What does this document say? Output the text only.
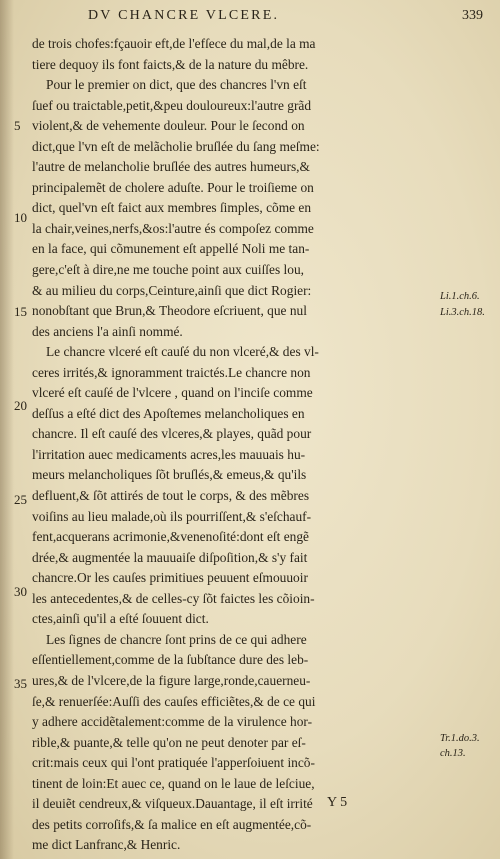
DV CHANCRE VLCERE.	339
de trois chofes:fçauoir eft,de l'efſece du mal,de la ma
tiere dequoy ils font faicts,& de la nature du mêbre.
Pour le premier on dict, que des chancres l'vn eſt
ſuef ou traictable,petit,&peu douloureux:l'autre grãd
violent,& de vehemente douleur. Pour le ſecond on
dict,que l'vn eſt de melãcholie bruſlée du ſang meſme:
l'autre de melancholie bruſlée des autres humeurs,&
principalemẽt de cholere aduſte. Pour le troiſieme on
dict, quel'vn eſt faict aux membres ſimples, cõme en
la chair,veines,nerfs,&os:l'autre és compoſez comme
en la face, qui cõmunement eſt appellé Noli me tan-
gere,c'eſt à dire,ne me touche point aux cuiſſes lou,
& au milieu du corps,Ceinture,ainſi que dict Rogier:
nonobſtant que Brun,& Theodore eſcriuent, que nul
des anciens l'a ainſi nommé.
Le chancre vlceré eſt cauſé du non vlceré,& des vl-
ceres irrités,& ignoramment traictés.Le chancre non
vlceré eſt cauſé de l'vlcere , quand on l'inciſe comme
deſſus a eſté dict des Apoſtemes melancholiques en
chancre. Il eſt cauſé des vlceres,& playes, quãd pour
l'irritation auec medicaments acres,les mauuais hu-
meurs melancholiques ſõt bruſlés,& emeus,& qu'ils
defluent,& ſõt attirés de tout le corps, & des mẽbres
voiſins au lieu malade,où ils pourriſſent,& s'eſchauf-
fent,acquerans acrimonie,&venenoſité:dont eſt engẽ
drée,& augmentée la mauuaiſe diſpoſition,& s'y fait
chancre.Or les cauſes primitiues peuuent eſmouuoir
les antecedentes,& de celles-cy ſõt faictes les cõioin-
ctes,ainſi qu'il a eſté ſouuent dict.
Les ſignes de chancre ſont prins de ce qui adhere
eſſentiellement,comme de la ſubſtance dure des leb-
ures,& de l'vlcere,de la figure large,ronde,cauerneu-
ſe,& renuerſée:Auſſi des cauſes efficiẽtes,& de ce qui
y adhere accidẽtalement:comme de la virulence hor-
rible,& puante,& telle qu'on ne peut denoter par eſ-
crit:mais ceux qui l'ont pratiquée l'apperſoiuent incõ-
tinent de loin:Et auec ce, quand on le laue de leſciue,
il deuiẽt cendreux,& viſqueux.Dauantage, il eſt irrité
des petits corroſifs,& ſa malice en eſt augmentée,cõ-
me dict Lanfranc,& Henric.
5
10
15
20
25
30
35
Li.1.ch.6.
Li.3.ch.18.
Tr.1.do.3.
ch.13.
Y 5
